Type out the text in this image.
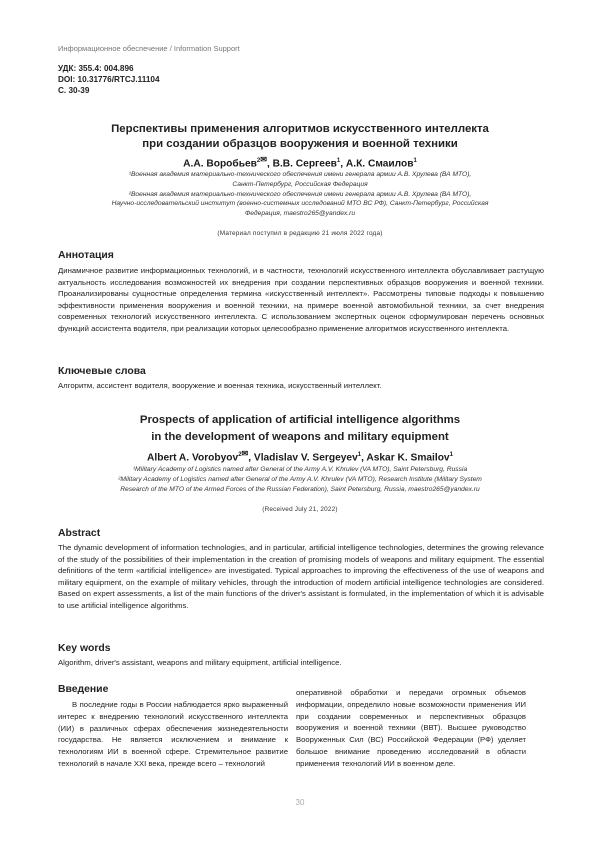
Информационное обеспечение / Information Support
УДК: 355.4: 004.896
DOI: 10.31776/RTCJ.11104
С. 30-39
Перспективы применения алгоритмов искусственного интеллекта
при создании образцов вооружения и военной техники
А.А. Воробьев$^2$✉, В.В. Сергеев$^1$, А.К. Смаилов$^1$
¹Военная академия материально-технического обеспечения имени генерала армии А.В. Хрулева (ВА МТО),
Санкт-Петербург, Российская Федерация
²Военная академия материально-технического обеспечения имени генерала армии А.В. Хрулева (ВА МТО),
Научно-исследовательский институт (военно-системных исследований МТО ВС РФ), Санкт-Петербург, Российская
Федерация, maestro265@yandex.ru
(Материал поступил в редакцию 21 июля 2022 года)
Аннотация
Динамичное развитие информационных технологий, и в частности, технологий искусственного интеллекта обуславливает растущую актуальность исследования возможностей их внедрения при создании перспективных образцов вооружения и военной техники. Проанализированы сущностные определения термина «искусственный интеллект». Рассмотрены типовые подходы к повышению эффективности применения вооружения и военной техники, на примере военной автомобильной техники, за счет внедрения современных технологий искусственного интеллекта. С использованием экспертных оценок сформулирован перечень основных функций ассистента водителя, при реализации которых целесообразно применение алгоритмов искусственного интеллекта.
Ключевые слова
Алгоритм, ассистент водителя, вооружение и военная техника, искусственный интеллект.
Prospects of application of artificial intelligence algorithms
in the development of weapons and military equipment
Albert A. Vorobyov$^2$✉, Vladislav V. Sergeyev$^1$, Askar K. Smailov$^1$
¹Military Academy of Logistics named after General of the Army A.V. Khrulev (VA MTO), Saint Petersburg, Russia
²Military Academy of Logistics named after General of the Army A.V. Khrulev (VA MTO), Research Institute (Military System
Research of the MTO of the Armed Forces of the Russian Federation), Saint Petersburg, Russia, maestro265@yandex.ru
(Received July 21, 2022)
Abstract
The dynamic development of information technologies, and in particular, artificial intelligence technologies, determines the growing relevance of the study of the possibilities of their implementation in the creation of promising models of weapons and military equipment. The essential definitions of the term «artificial intelligence» are investigated. Typical approaches to improving the effectiveness of the use of weapons and military equipment, on the example of military vehicles, through the introduction of modern artificial intelligence technologies are considered. Based on expert assessments, a list of the main functions of the driver's assistant is formulated, in the implementation of which it is advisable to use artificial intelligence algorithms.
Key words
Algorithm, driver's assistant, weapons and military equipment, artificial intelligence.
Введение
В последние годы в России наблюдается ярко выраженный интерес к внедрению технологий искусственного интеллекта (ИИ) в различных сферах обеспечения жизнедеятельности государства. Не является исключением и внимание к технологиям ИИ в военной сфере. Стремительное развитие технологий в начале XXI века, прежде всего – технологий
оперативной обработки и передачи огромных объемов информации, определило новые возможности применения ИИ при создании современных и перспективных образцов вооружения и военной техники (ВВТ). Высшее руководство Вооруженных Сил (ВС) Российской Федерации (РФ) уделяет большое внимание проведению исследований в области применения технологий ИИ в военном деле.
30
